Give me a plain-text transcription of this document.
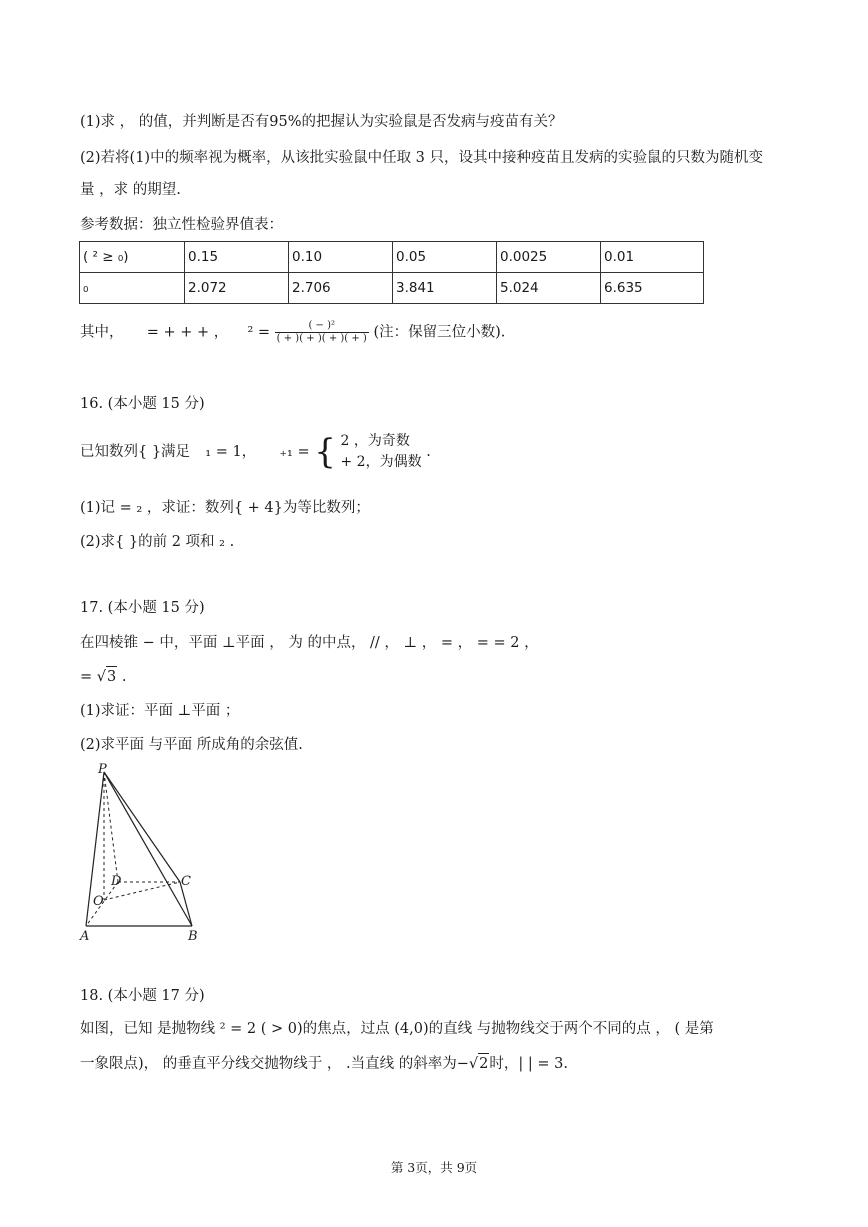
(1)求 ， 的值，并判断是否有95%的把握认为实验鼠是否发病与疫苗有关？
(2)若将(1)中的频率视为概率，从该批实验鼠中任取 3 只，设其中接种疫苗且发病的实验鼠的只数为随机变
量 ，求 的期望.
参考数据：独立性检验界值表：
( ² ≥ ₀)	0.15	0.10	0.05	0.0025	0.01
₀	2.072	2.706	3.841	5.024	6.635
其中， = + + + ， $^2 = \frac{\text{( − )²}}{( + )( + )( + )( + )}$ (注：保留三位小数).
16. (本小题 15 分)
已知数列{ }满足 ₁ = 1， ₊₁ = { 2 ，为奇数
+ 2，为偶数
.
(1)记 = ₂ ，求证：数列{ + 4}为等比数列；
(2)求{ }的前 2 项和 ₂ .
17. (本小题 15 分)
在四棱锥 − 中，平面 ⊥平面 ， 为 的中点， // ， ⊥ ， = ， = = 2 ，
= √3 .
(1)求证：平面 ⊥平面 ；
(2)求平面 与平面 所成角的余弦值.
P
D	C
O
A	B
18. (本小题 17 分)
如图，已知 是抛物线 ² = 2 ( > 0)的焦点，过点 (4,0)的直线 与抛物线交于两个不同的点 ， ( 是第
一象限点)， 的垂直平分线交抛物线于 ， .当直线 的斜率为−√2时，| | = 3.
第 3页，共 9页
